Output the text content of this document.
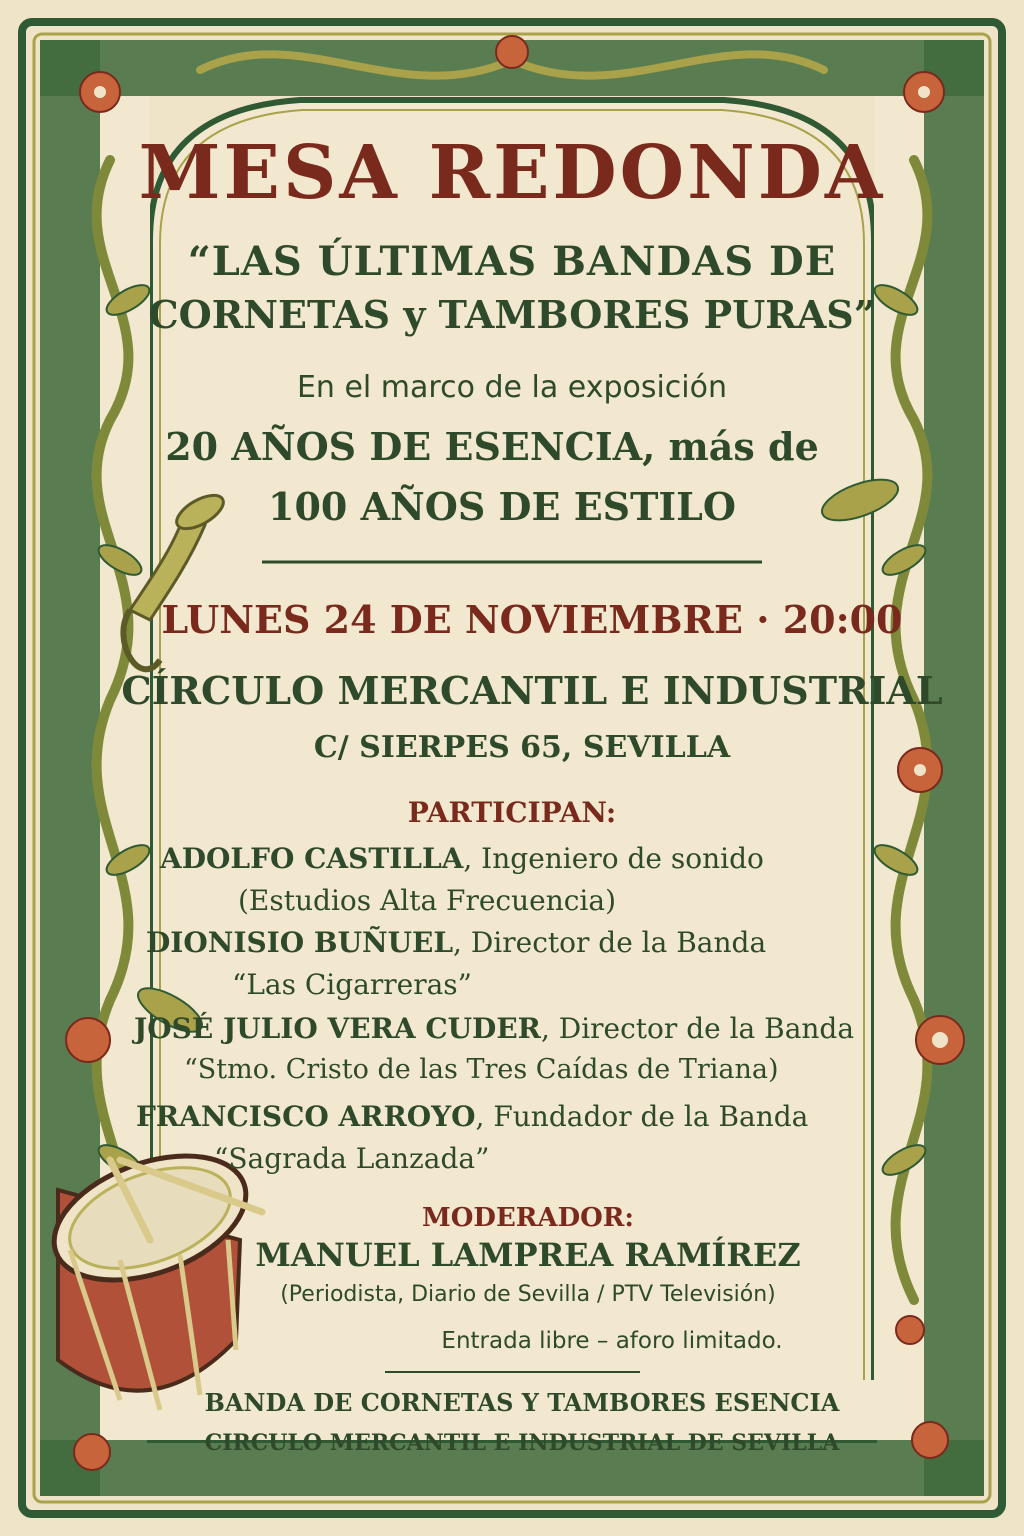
MESA REDONDA

“LAS ÚLTIMAS BANDAS DE

CORNETAS y TAMBORES PURAS”

En el marco de la exposición

20 AÑOS DE ESENCIA, más de

100 AÑOS DE ESTILO

LUNES 24 DE NOVIEMBRE · 20:00

CÍRCULO MERCANTIL E INDUSTRIAL

C/ SIERPES 65, SEVILLA

PARTICIPAN:

ADOLFO CASTILLA, Ingeniero de sonido

(Estudios Alta Frecuencia)

DIONISIO BUÑUEL, Director de la Banda

“Las Cigarreras”

JOSÉ JULIO VERA CUDER, Director de la Banda

“Stmo. Cristo de las Tres Caídas de Triana)

FRANCISCO ARROYO, Fundador de la Banda

“Sagrada Lanzada”

MODERADOR:

MANUEL LAMPREA RAMÍREZ

(Periodista, Diario de Sevilla / PTV Televisión)

Entrada libre – aforo limitado.

BANDA DE CORNETAS Y TAMBORES ESENCIA

CIRCULO MERCANTIL E INDUSTRIAL DE SEVILLA
